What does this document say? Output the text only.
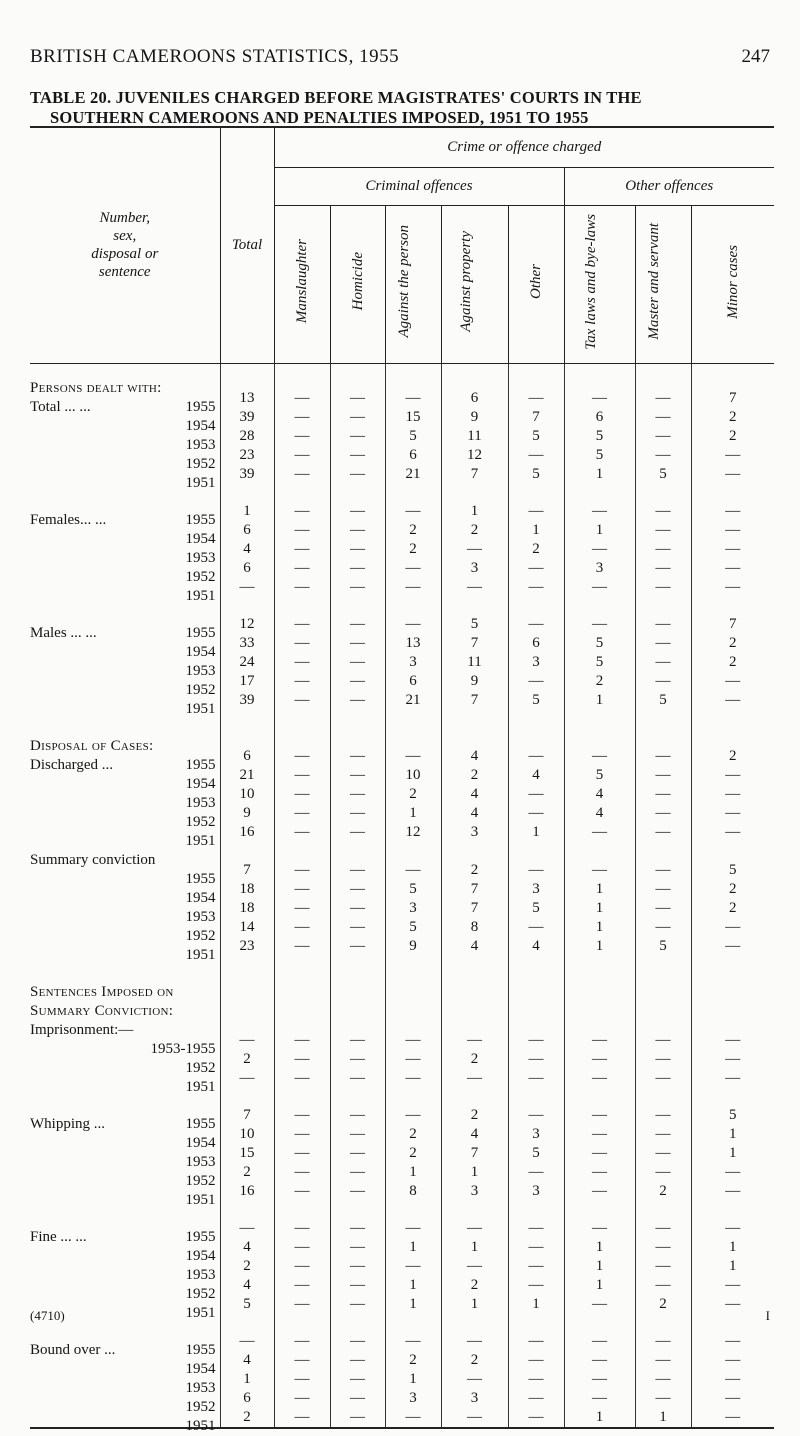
BRITISH CAMEROONS STATISTICS, 1955	247
TABLE 20. JUVENILES CHARGED BEFORE MAGISTRATES' COURTS IN THE
SOUTHERN CAMEROONS AND PENALTIES IMPOSED, 1951 TO 1955
Number,
sex,
disposal or
sentence	Total	Crime or offence charged							
		Criminal offences					Other offences		
		Manslaughter	Homicide	Against the person	Against property	Other	Tax laws and bye-laws	Master and servant	Minor cases

Persons dealt with:									

Total ... ... 1955	13	—	—	—	6	—	—	—	7

1954	39	—	—	15	9	7	6	—	2

1953	28	—	—	5	11	5	5	—	2

1952	23	—	—	6	12	—	5	—	—

1951	39	—	—	21	7	5	1	5	—

Females... ... 1955	1	—	—	—	1	—	—	—	—

1954	6	—	—	2	2	1	1	—	—

1953	4	—	—	2	—	2	—	—	—

1952	6	—	—	—	3	—	3	—	—

1951	—	—	—	—	—	—	—	—	—

Males ... ... 1955	12	—	—	—	5	—	—	—	7

1954	33	—	—	13	7	6	5	—	2

1953	24	—	—	3	11	3	5	—	2

1952	17	—	—	6	9	—	2	—	—

1951	39	—	—	21	7	5	1	5	—

Disposal of Cases:									

Discharged ... 1955	6	—	—	—	4	—	—	—	2

1954	21	—	—	10	2	4	5	—	—

1953	10	—	—	2	4	—	4	—	—

1952	9	—	—	1	4	—	4	—	—

1951	16	—	—	12	3	1	—	—	—

Summary conviction									

1955	7	—	—	—	2	—	—	—	5

1954	18	—	—	5	7	3	1	—	2

1953	18	—	—	3	7	5	1	—	2

1952	14	—	—	5	8	—	1	—	—

1951	23	—	—	9	4	4	1	5	—

Sentences Imposed on									

Summary Conviction:									

Imprisonment:—									

1953-1955	—	—	—	—	—	—	—	—	—

1952	2	—	—	—	2	—	—	—	—

1951	—	—	—	—	—	—	—	—	—

Whipping ... 1955	7	—	—	—	2	—	—	—	5

1954	10	—	—	2	4	3	—	—	1

1953	15	—	—	2	7	5	—	—	1

1952	2	—	—	1	1	—	—	—	—

1951	16	—	—	8	3	3	—	2	—

Fine ... ... 1955	—	—	—	—	—	—	—	—	—

1954	4	—	—	1	1	—	1	—	1

1953	2	—	—	—	—	—	1	—	1

1952	4	—	—	1	2	—	1	—	—

1951	5	—	—	1	1	1	—	2	—

Bound over ... 1955	—	—	—	—	—	—	—	—	—

1954	4	—	—	2	2	—	—	—	—

1953	1	—	—	1	—	—	—	—	—

1952	6	—	—	3	3	—	—	—	—

1951	2	—	—	—	—	—	1	1	—
(4710)	I
